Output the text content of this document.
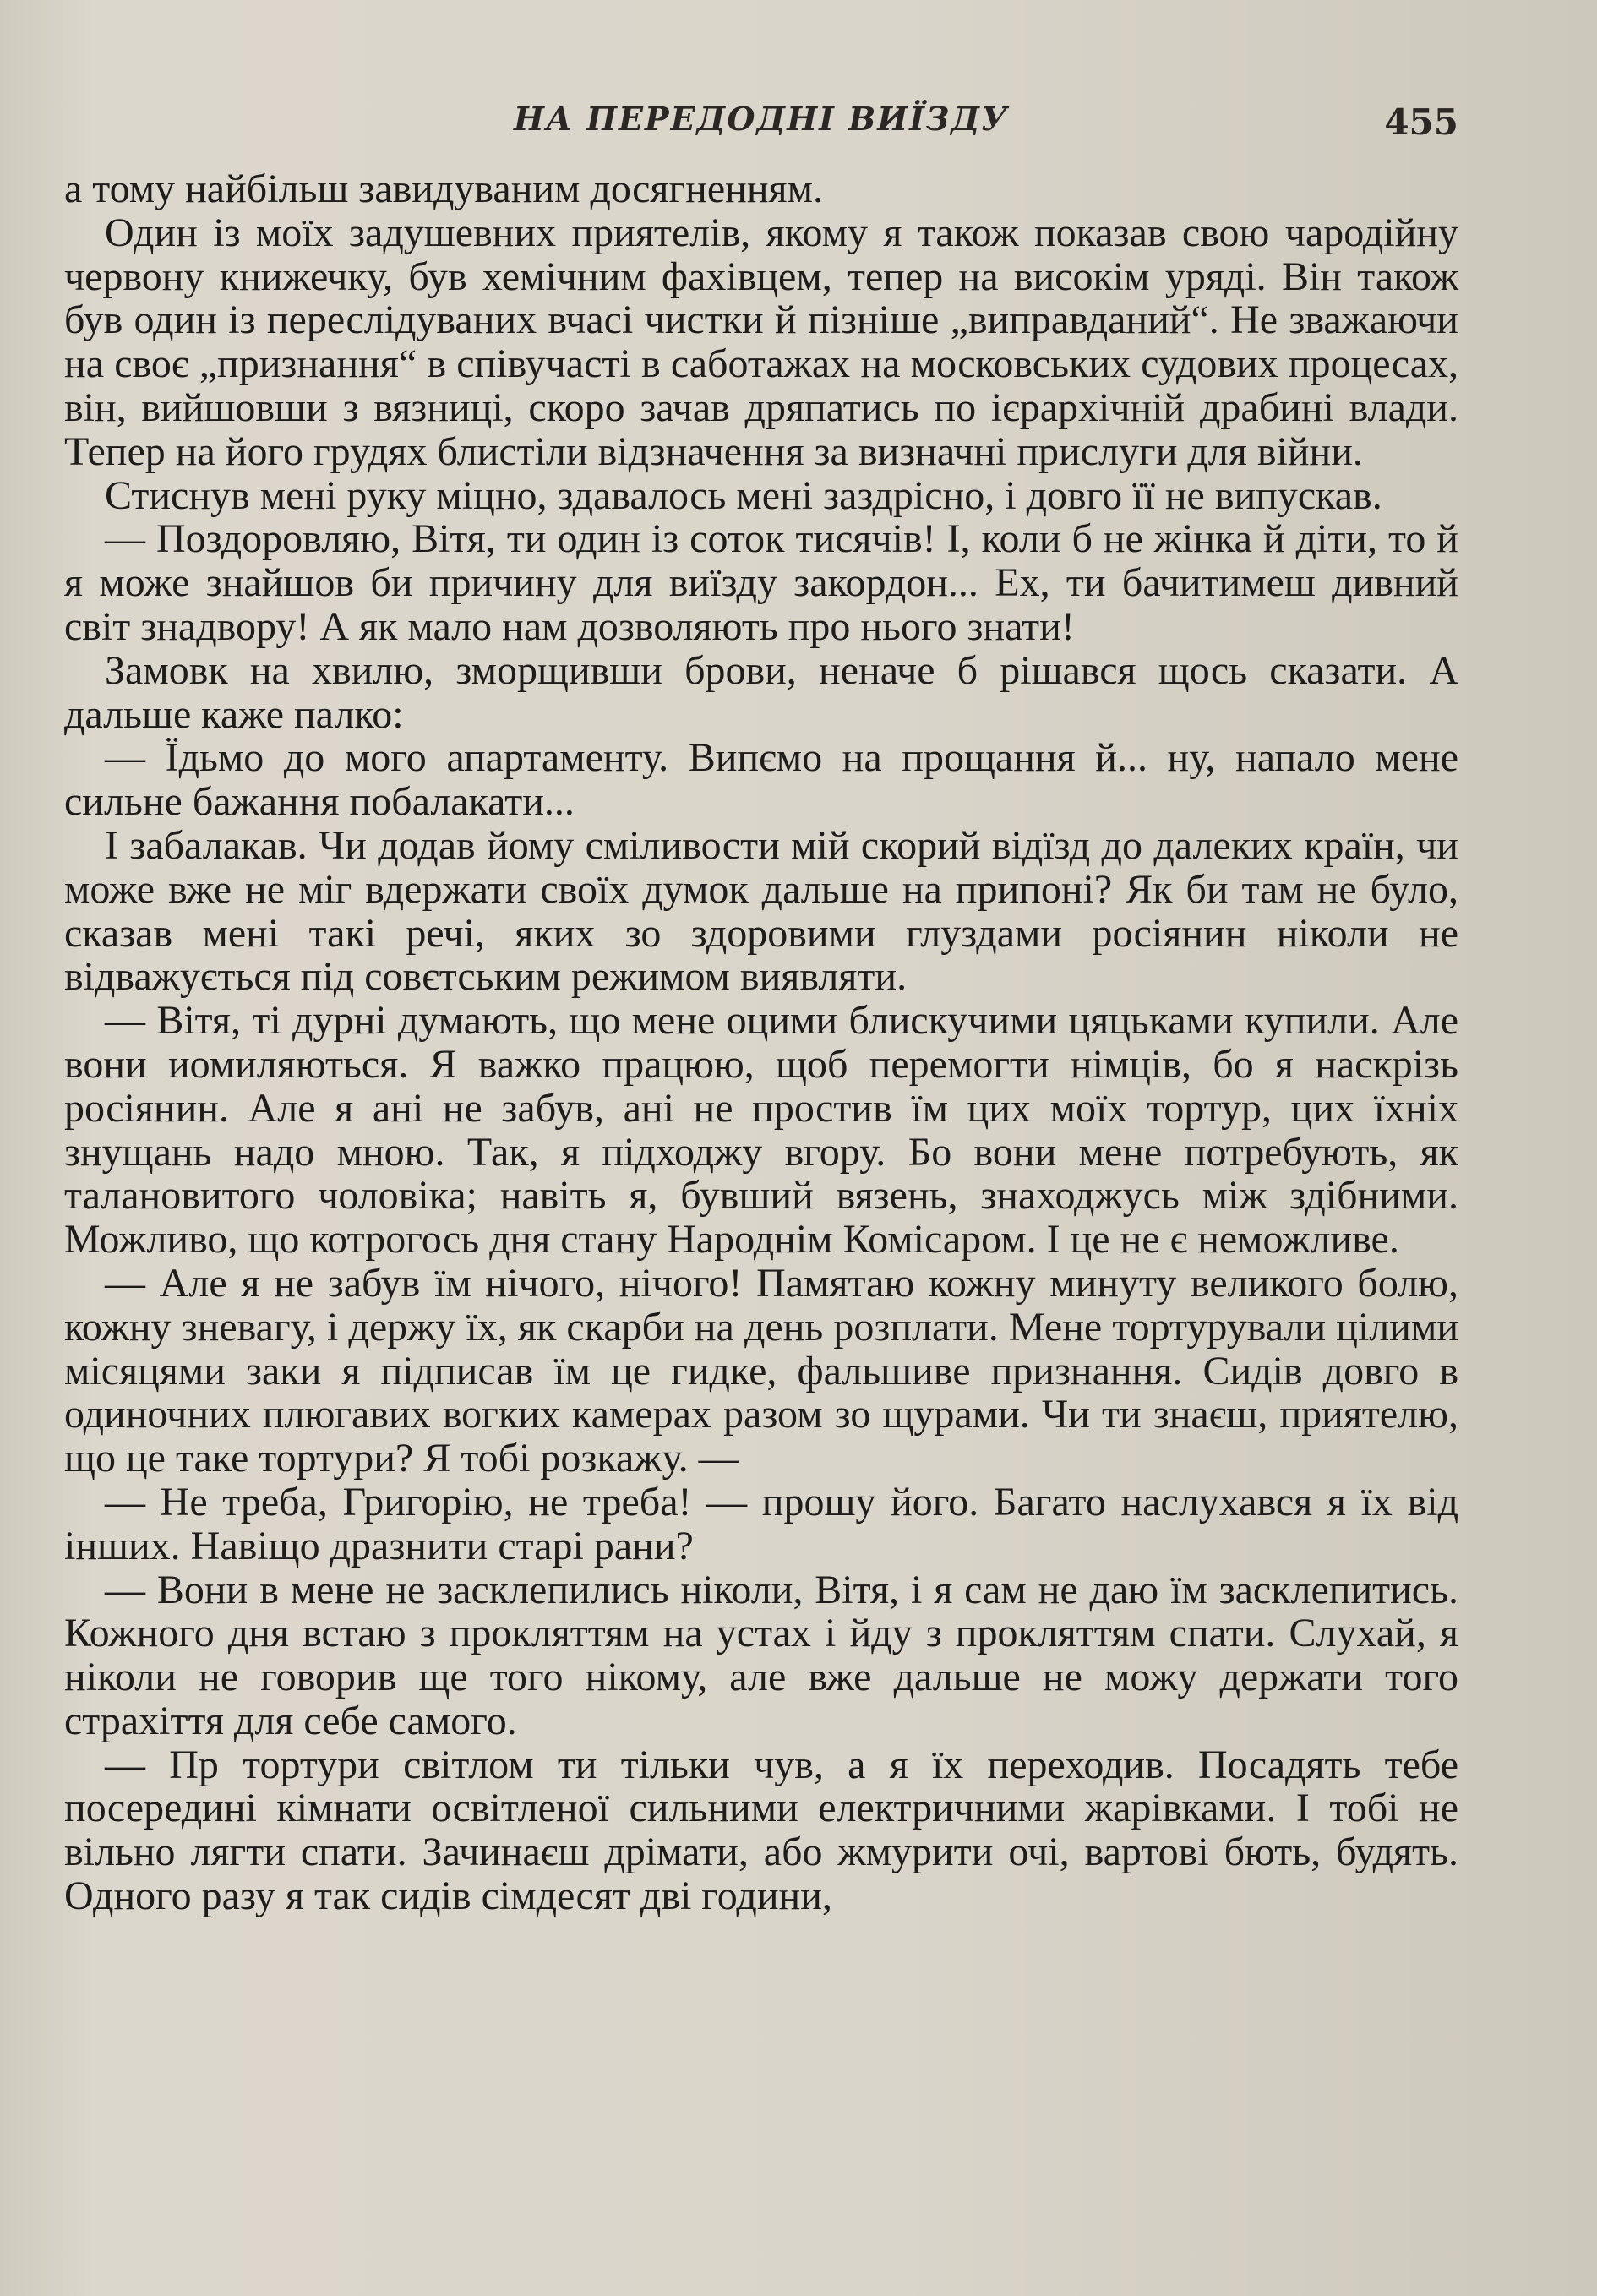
НА ПЕРЕДОДНІ ВИЇЗДУ	455

а тому найбільш завидуваним досягненням.

Один із моїх задушевних приятелів, якому я також показав свою чародійну червону книжечку, був хемічним фахівцем, тепер на високім уряді. Він також був один із переслідуваних вчасі чистки й пізніше „виправданий“. Не зважаючи на своє „признання“ в співучасті в саботажах на московських судових процесах, він, вийшовши з вязниці, скоро зачав дряпатись по ієрархічній драбині влади. Тепер на його грудях блистіли відзначення за визначні прислуги для війни.

Стиснув мені руку міцно, здавалось мені заздрісно, і довго її не випускав.

— Поздоровляю, Вітя, ти один із соток тисячів! І, коли б не жінка й діти, то й я може знайшов би причину для виїзду закордон... Ех, ти бачитимеш дивний світ знадвору! А як мало нам дозволяють про нього знати!

Замовк на хвилю, зморщивши брови, неначе б рішався щось сказати. А дальше каже палко:

— Їдьмо до мого апартаменту. Випємо на прощання й... ну, напало мене сильне бажання побалакати...

І забалакав. Чи додав йому сміливости мій скорий відїзд до далеких країн, чи може вже не міг вдержати своїх думок дальше на припоні? Як би там не було, сказав мені такі речі, яких зо здоровими глуздами росіянин ніколи не відважується під совєтським режимом виявляти.

— Вітя, ті дурні думають, що мене оцими блискучими цяцьками купили. Але вони иомиляються. Я важко працюю, щоб перемогти німців, бо я наскрізь росіянин. Але я ані не забув, ані не простив їм цих моїх тортур, цих їхніх знущань надо мною. Так, я підходжу вгору. Бо вони мене потребують, як талановитого чоловіка; навіть я, бувший вязень, знаходжусь між здібними. Можливо, що котрогось дня стану Народнім Комісаром. І це не є неможливе.

— Але я не забув їм нічого, нічого! Памятаю кожну минуту великого болю, кожну зневагу, і держу їх, як скарби на день розплати. Мене тортурували цілими місяцями заки я підписав їм це гидке, фальшиве признання. Сидів довго в одиночних плюгавих вогких камерах разом зо щурами. Чи ти знаєш, приятелю, що це таке тортури? Я тобі розкажу. —

— Не треба, Григорію, не треба! — прошу його. Багато наслухався я їх від інших. Навіщо дразнити старі рани?

— Вони в мене не засклепились ніколи, Вітя, і я сам не даю їм засклепитись. Кожного дня встаю з прокляттям на устах і йду з прокляттям спати. Слухай, я ніколи не говорив ще того нікому, але вже дальше не можу держати того страхіття для себе самого.

— Пр тортури світлом ти тільки чув, а я їх переходив. Посадять тебе посередині кімнати освітленої сильними електричними жарівками. І тобі не вільно лягти спати. Зачинаєш дрімати, або жмурити очі, вартові бють, будять. Одного разу я так сидів сімдесят дві години,
